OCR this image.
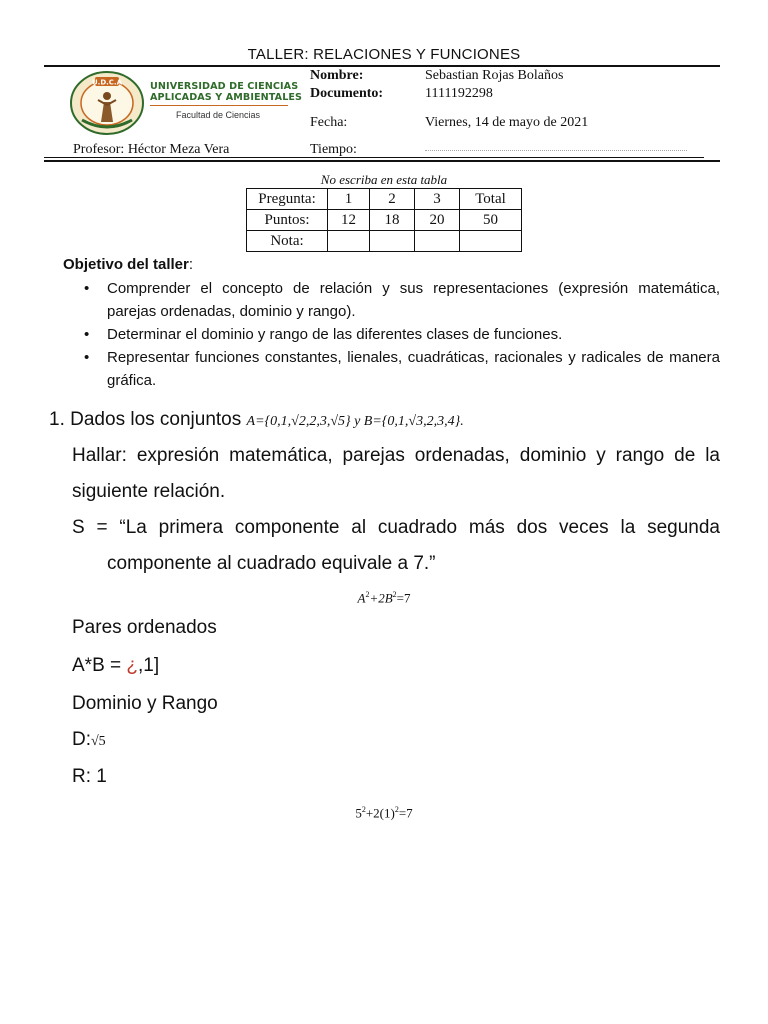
TALLER: RELACIONES Y FUNCIONES
U.D.C.A	UNIVERSIDAD DE CIENCIAS
APLICADAS Y AMBIENTALES
Facultad de Ciencias
Nombre:	Sebastian Rojas Bolaños
Documento:	1111192298
Fecha:	Viernes, 14 de mayo de 2021
Profesor: Héctor Meza Vera	Tiempo:
No escriba en esta tabla
Pregunta:	1	2	3	Total
Puntos:	12	18	20	50
Nota:				
Objetivo del taller:
• Comprender el concepto de relación y sus representaciones (expresión matemática, parejas ordenadas, dominio y rango).
• Determinar el dominio y rango de las diferentes clases de funciones.
• Representar funciones constantes, lienales, cuadráticas, racionales y radicales de manera gráfica.
1. Dados los conjuntos A={0,1,√2,2,3,√5} y B={0,1,√3,2,3,4}.
Hallar: expresión matemática, parejas ordenadas, dominio y rango de la siguiente relación.
S = “La primera componente al cuadrado más dos veces la segunda componente al cuadrado equivale a 7.”
$A^2+2B^2=7$
Pares ordenados
A*B = ¿,1]
Dominio y Rango
D:√5
R: 1
$5^2+2(1)^2=7$
